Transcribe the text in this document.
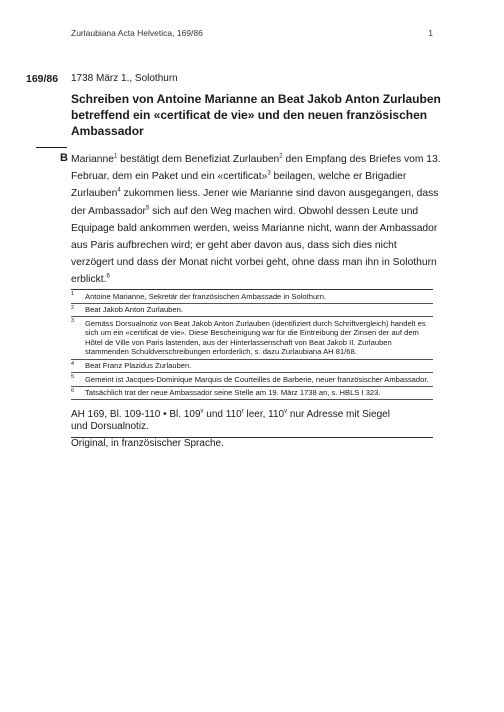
Zurlaubiana Acta Helvetica, 169/86	1
169/86	1738 März 1., Solothurn
Schreiben von Antoine Marianne an Beat Jakob Anton Zurlauben betreffend ein «certificat de vie» und den neuen französischen Ambassador
B Marianne$^1$ bestätigt dem Benefiziat Zurlauben$^2$ den Empfang des Briefes vom 13. Februar, dem ein Paket und ein «certificat»$^3$ beilagen, welche er Brigadier Zurlauben$^4$ zukommen liess. Jener wie Marianne sind davon ausgegangen, dass der Ambassador$^5$ sich auf den Weg machen wird. Obwohl dessen Leute und Equipage bald ankommen werden, weiss Marianne nicht, wann der Ambassador aus Paris aufbrechen wird; er geht aber davon aus, dass sich dies nicht verzögert und dass der Monat nicht vorbei geht, ohne dass man ihn in Solothurn erblickt.$^6$
1 Antoine Marianne, Sekretär der französischen Ambassade in Solothurn.
2 Beat Jakob Anton Zurlauben.
3 Gemäss Dorsualnotiz von Beat Jakob Anton Zurlauben (identifiziert durch Schriftvergleich) handelt es sich um ein «certificat de vie». Diese Bescheinigung war für die Eintreibung der Zinsen der auf dem Hôtel de Ville von Paris lastenden, aus der Hinterlassenschaft von Beat Jakob II. Zurlauben stammenden Schuldverschreibungen erforderlich, s. dazu Zurlaubiana AH 81/68.
4 Beat Franz Plazidus Zurlauben.
5 Gemeint ist Jacques-Dominique Marquis de Courteilles de Barberie, neuer französischer Ambassador.
6 Tatsächlich trat der neue Ambassador seine Stelle am 19. März 1738 an, s. HBLS I 323.
AH 169, Bl. 109-110 • Bl. 109$^v$ und 110$^r$ leer, 110$^v$ nur Adresse mit Siegel
und Dorsualnotiz.
Original, in französischer Sprache.
